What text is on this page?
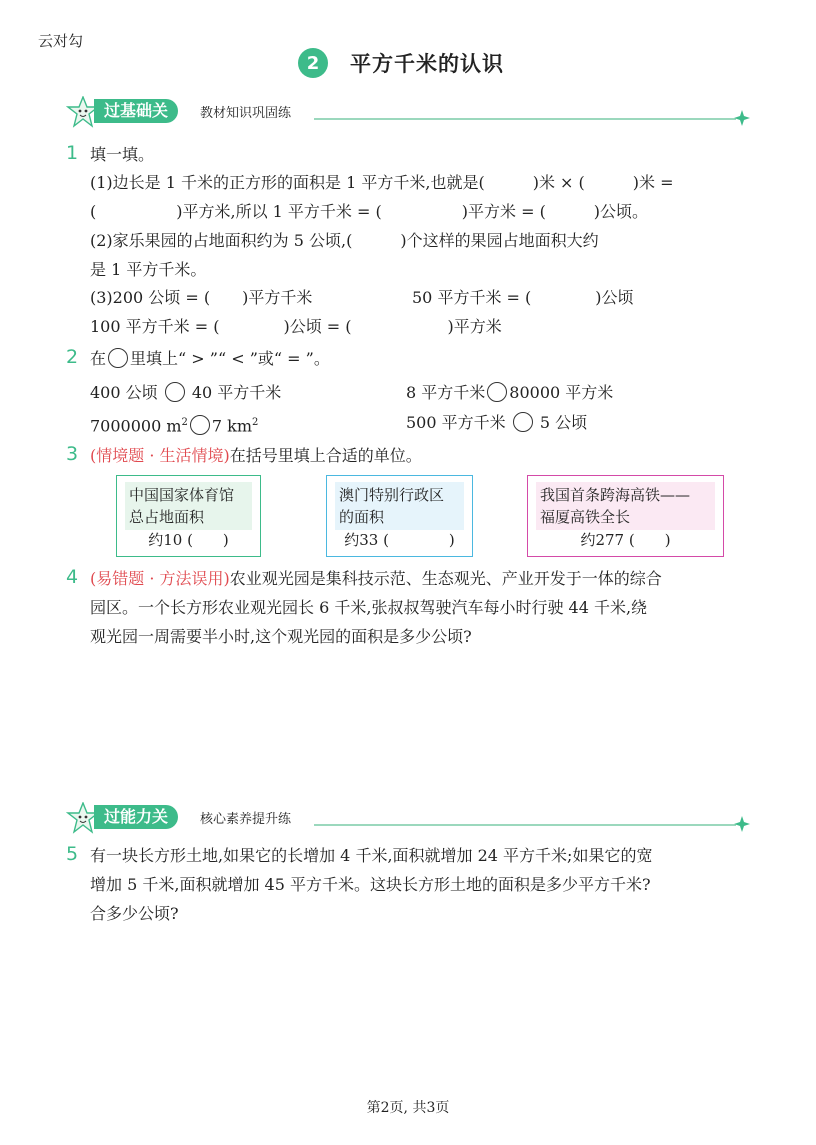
云对勾
2	平方千米的认识
过基础关	教材知识巩固练
1 填一填。
(1)边长是 1 千米的正方形的面积是 1 平方千米,也就是(　　　)米 × (　　　)米 =
(　　　　　)平方米,所以 1 平方千米 = (　　　　　)平方米 = (　　　)公顷。
(2)家乐果园的占地面积约为 5 公顷,(　　　)个这样的果园占地面积大约
是 1 平方千米。
(3)200 公顷 = (　　)平方千米	50 平方千米 = (　　　　)公顷
100 平方千米 = (　　　　)公顷 = (　　　　　　)平方米
2 在 里填上“ > ”“ < ”或“ = ”。
400 公顷 40 平方千米	8 平方千米 80000 平方米
7000000 $m^2$ 7 $km^2$	500 平方千米 5 公顷
3 (情境题 · 生活情境)在括号里填上合适的单位。
中国国家体育馆
总占地面积
约10 (　　)
澳门特别行政区
的面积
约33 (　　　　)
我国首条跨海高铁——
福厦高铁全长
约277 (　　)
4 (易错题 · 方法误用)农业观光园是集科技示范、生态观光、产业开发于一体的综合
园区。一个长方形农业观光园长 6 千米,张叔叔驾驶汽车每小时行驶 44 千米,绕
观光园一周需要半小时,这个观光园的面积是多少公顷?
过能力关	核心素养提升练
5 有一块长方形土地,如果它的长增加 4 千米,面积就增加 24 平方千米;如果它的宽
增加 5 千米,面积就增加 45 平方千米。这块长方形土地的面积是多少平方千米?
合多少公顷?
第2页, 共3页
